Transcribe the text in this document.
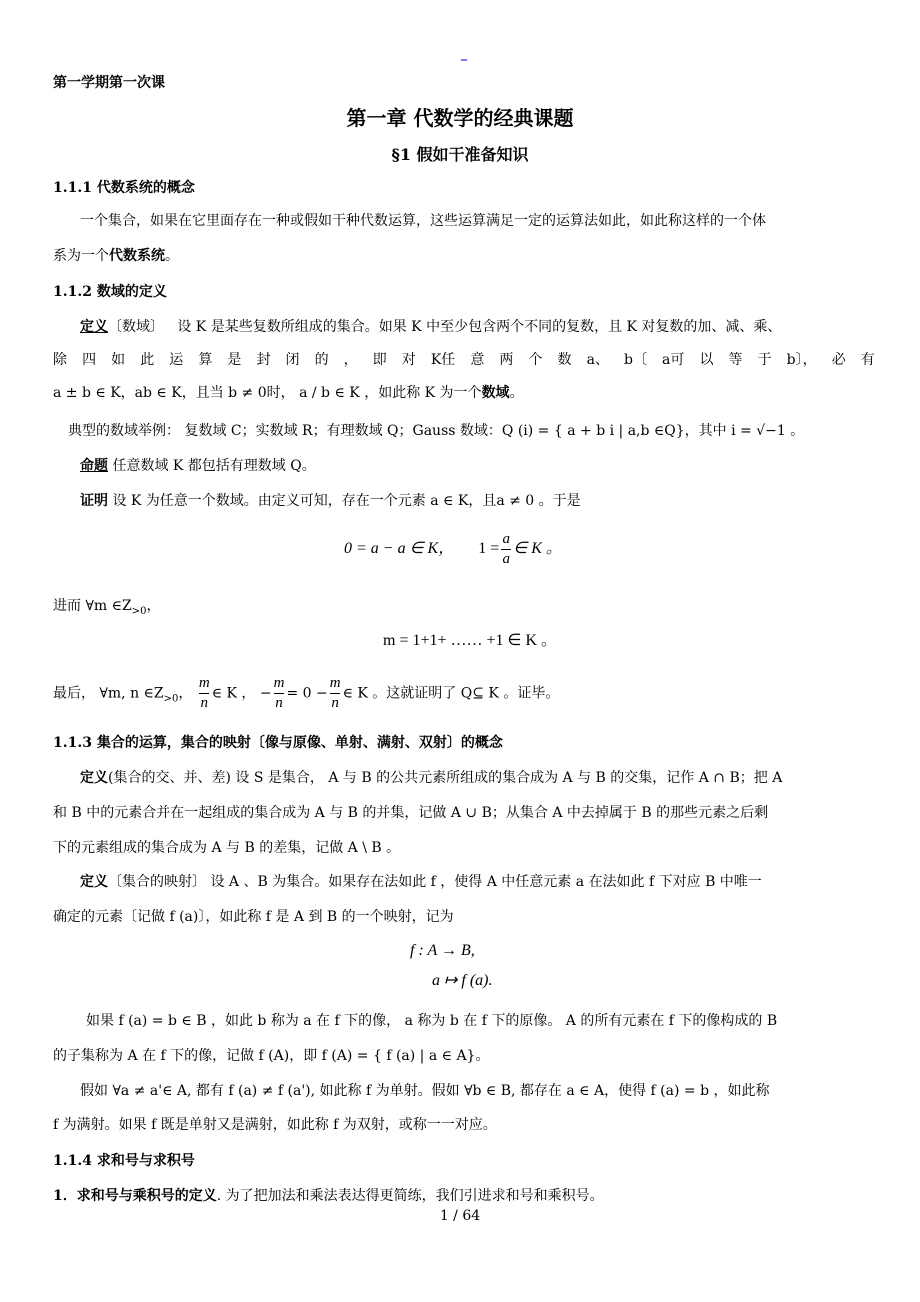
第一学期第一次课
第一章 代数学的经典课题
§1 假如干准备知识
1.1.1 代数系统的概念
一个集合，如果在它里面存在一种或假如干种代数运算，这些运算满足一定的运算法如此，如此称这样的一个体
系为一个代数系统。
1.1.2 数域的定义
定义〔数域〕 设 K 是某些复数所组成的集合。如果 K 中至少包含两个不同的复数，且 K 对复数的加、减、乘、
除 四 如 此 运 算 是 封 闭 的 ， 即 对 K任 意 两 个 数 a、 b〔 a可 以 等 于 b〕， 必 有
a ± b ∈ K，ab ∈ K，且当 b ≠ 0时， a / b ∈ K ，如此称 K 为一个数域。
典型的数域举例： 复数域 C；实数域 R；有理数域 Q；Gauss 数域：Q (i) = { a + b i | a,b ∈Q}，其中 i = √−1 。
命题 任意数域 K 都包括有理数域 Q。
证明 设 K 为任意一个数域。由定义可知，存在一个元素 a ∈ K，且a ≠ 0 。于是
0 = a − a ∈ K， $1 = \frac{a}{a}$ ∈ K 。
进而 ∀m $\in Z_{>0}$，
m = 1+1+ …… +1 ∈ K 。
最后， ∀m, n $\in Z_{>0}$， $\frac{m}{n}$ ∈ K ， − $\frac{m}{n} = 0 - \frac{m}{n}$ ∈ K 。这就证明了 Q⊆ K 。证毕。
1.1.3 集合的运算，集合的映射〔像与原像、单射、满射、双射〕的概念
定义(集合的交、并、差) 设 S 是集合， A 与 B 的公共元素所组成的集合成为 A 与 B 的交集，记作 A ∩ B；把 A
和 B 中的元素合并在一起组成的集合成为 A 与 B 的并集，记做 A ∪ B；从集合 A 中去掉属于 B 的那些元素之后剩
下的元素组成的集合成为 A 与 B 的差集，记做 A \ B 。
定义〔集合的映射〕 设 A 、B 为集合。如果存在法如此 f ，使得 A 中任意元素 a 在法如此 f 下对应 B 中唯一
确定的元素〔记做 f (a)〕，如此称 f 是 A 到 B 的一个映射，记为
f : A → B,
a ↦ f (a).
如果 f (a) = b ∈ B ，如此 b 称为 a 在 f 下的像， a 称为 b 在 f 下的原像。 A 的所有元素在 f 下的像构成的 B
的子集称为 A 在 f 下的像，记做 f (A)，即 f (A) = { f (a) | a ∈ A}。
假如 ∀a ≠ a'∈ A, 都有 f (a) ≠ f (a'), 如此称 f 为单射。假如 ∀b ∈ B, 都存在 a ∈ A，使得 f (a) = b ，如此称
f 为满射。如果 f 既是单射又是满射，如此称 f 为双射，或称一一对应。
1.1.4 求和号与求积号
1．求和号与乘积号的定义. 为了把加法和乘法表达得更简练，我们引进求和号和乘积号。
1 / 64
